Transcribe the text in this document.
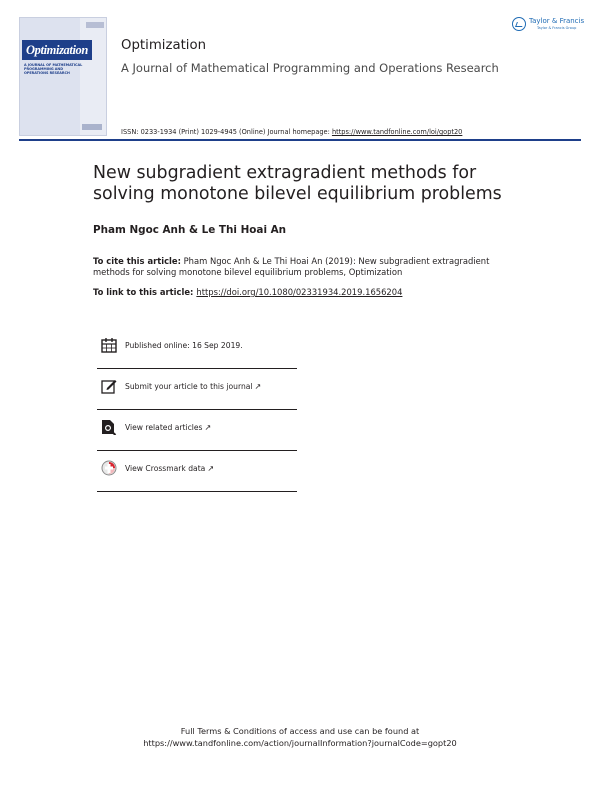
Optimization
A JOURNAL OF MATHEMATICAL PROGRAMMING AND OPERATIONS RESEARCH
Optimization
A Journal of Mathematical Programming and Operations Research
Taylor & Francis
Taylor & Francis Group
ISSN: 0233-1934 (Print) 1029-4945 (Online) Journal homepage: https://www.tandfonline.com/loi/gopt20
New subgradient extragradient methods for solving monotone bilevel equilibrium problems
Pham Ngoc Anh & Le Thi Hoai An
To cite this article: Pham Ngoc Anh & Le Thi Hoai An (2019): New subgradient extragradient methods for solving monotone bilevel equilibrium problems, Optimization
To link to this article: https://doi.org/10.1080/02331934.2019.1656204
Published online: 16 Sep 2019.
Submit your article to this journal ↗
View related articles ↗
View Crossmark data ↗
Full Terms & Conditions of access and use can be found at
https://www.tandfonline.com/action/journalInformation?journalCode=gopt20
